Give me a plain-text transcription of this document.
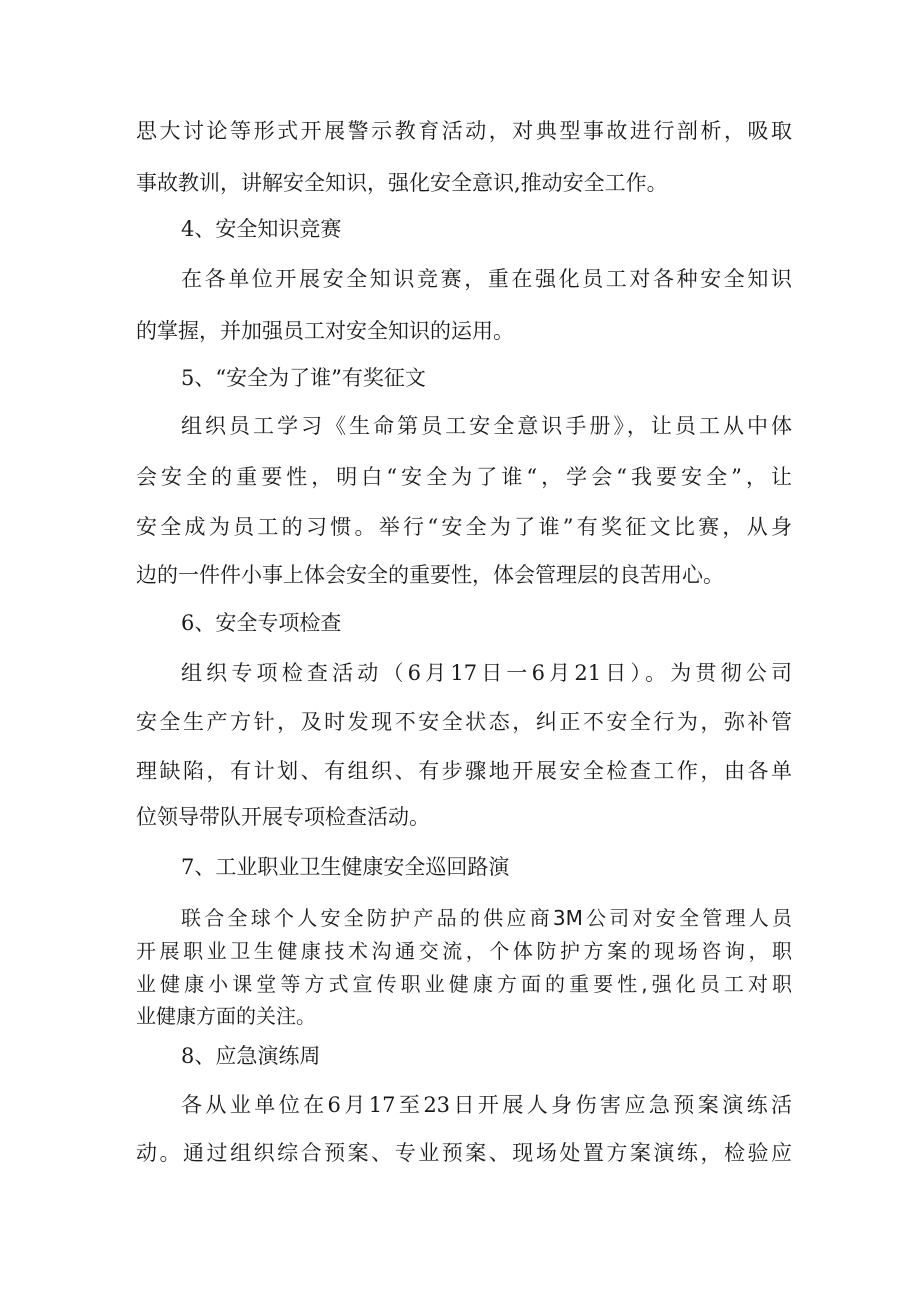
思大讨论等形式开展警示教育活动，对典型事故进行剖析，吸取
事故教训，讲解安全知识，强化安全意识,推动安全工作。
4、安全知识竞赛
在各单位开展安全知识竞赛，重在强化员工对各种安全知识
的掌握，并加强员工对安全知识的运用。
5、“安全为了谁”有奖征文
组织员工学习《生命第员工安全意识手册》，让员工从中体
会安全的重要性，明白“安全为了谁“，学会“我要安全”，让
安全成为员工的习惯。举行“安全为了谁”有奖征文比赛，从身
边的一件件小事上体会安全的重要性，体会管理层的良苦用心。
6、安全专项检查
组织专项检查活动（6月17日一6月21日）。为贯彻公司
安全生产方针，及时发现不安全状态，纠正不安全行为，弥补管
理缺陷，有计划、有组织、有步骤地开展安全检查工作，由各单
位领导带队开展专项检查活动。
7、工业职业卫生健康安全巡回路演
联合全球个人安全防护产品的供应商3M公司对安全管理人员
开展职业卫生健康技术沟通交流，个体防护方案的现场咨询，职
业健康小课堂等方式宣传职业健康方面的重要性,强化员工对职
业健康方面的关注。
8、应急演练周
各从业单位在6月17至23日开展人身伤害应急预案演练活
动。通过组织综合预案、专业预案、现场处置方案演练，检验应
